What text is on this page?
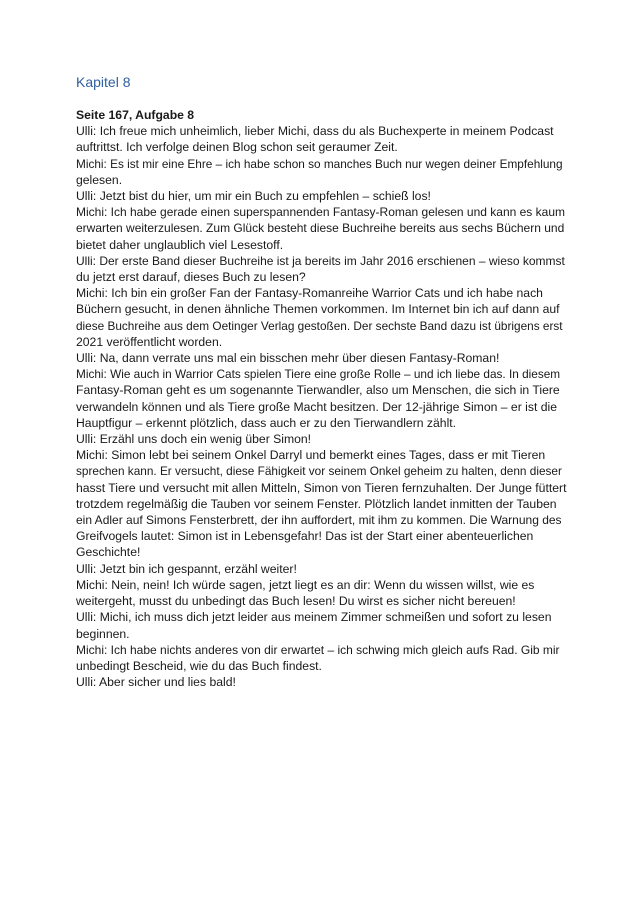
Kapitel 8
Seite 167, Aufgabe 8

Ulli: Ich freue mich unheimlich, lieber Michi, dass du als Buchexperte in meinem Podcast

auftrittst. Ich verfolge deinen Blog schon seit geraumer Zeit.

Michi: Es ist mir eine Ehre – ich habe schon so manches Buch nur wegen deiner Empfehlung

gelesen.

Ulli: Jetzt bist du hier, um mir ein Buch zu empfehlen – schieß los!

Michi: Ich habe gerade einen superspannenden Fantasy-Roman gelesen und kann es kaum

erwarten weiterzulesen. Zum Glück besteht diese Buchreihe bereits aus sechs Büchern und

bietet daher unglaublich viel Lesestoff.

Ulli: Der erste Band dieser Buchreihe ist ja bereits im Jahr 2016 erschienen – wieso kommst

du jetzt erst darauf, dieses Buch zu lesen?

Michi: Ich bin ein großer Fan der Fantasy-Romanreihe Warrior Cats und ich habe nach

Büchern gesucht, in denen ähnliche Themen vorkommen. Im Internet bin ich auf dann auf

diese Buchreihe aus dem Oetinger Verlag gestoßen. Der sechste Band dazu ist übrigens erst

2021 veröffentlicht worden.

Ulli: Na, dann verrate uns mal ein bisschen mehr über diesen Fantasy-Roman!

Michi: Wie auch in Warrior Cats spielen Tiere eine große Rolle – und ich liebe das. In diesem

Fantasy-Roman geht es um sogenannte Tierwandler, also um Menschen, die sich in Tiere

verwandeln können und als Tiere große Macht besitzen. Der 12-jährige Simon – er ist die

Hauptfigur – erkennt plötzlich, dass auch er zu den Tierwandlern zählt.

Ulli: Erzähl uns doch ein wenig über Simon!

Michi: Simon lebt bei seinem Onkel Darryl und bemerkt eines Tages, dass er mit Tieren

sprechen kann. Er versucht, diese Fähigkeit vor seinem Onkel geheim zu halten, denn dieser

hasst Tiere und versucht mit allen Mitteln, Simon von Tieren fernzuhalten. Der Junge füttert

trotzdem regelmäßig die Tauben vor seinem Fenster. Plötzlich landet inmitten der Tauben

ein Adler auf Simons Fensterbrett, der ihn auffordert, mit ihm zu kommen. Die Warnung des

Greifvogels lautet: Simon ist in Lebensgefahr! Das ist der Start einer abenteuerlichen

Geschichte!

Ulli: Jetzt bin ich gespannt, erzähl weiter!

Michi: Nein, nein! Ich würde sagen, jetzt liegt es an dir: Wenn du wissen willst, wie es

weitergeht, musst du unbedingt das Buch lesen! Du wirst es sicher nicht bereuen!

Ulli: Michi, ich muss dich jetzt leider aus meinem Zimmer schmeißen und sofort zu lesen

beginnen.

Michi: Ich habe nichts anderes von dir erwartet – ich schwing mich gleich aufs Rad. Gib mir

unbedingt Bescheid, wie du das Buch findest.

Ulli: Aber sicher und lies bald!
